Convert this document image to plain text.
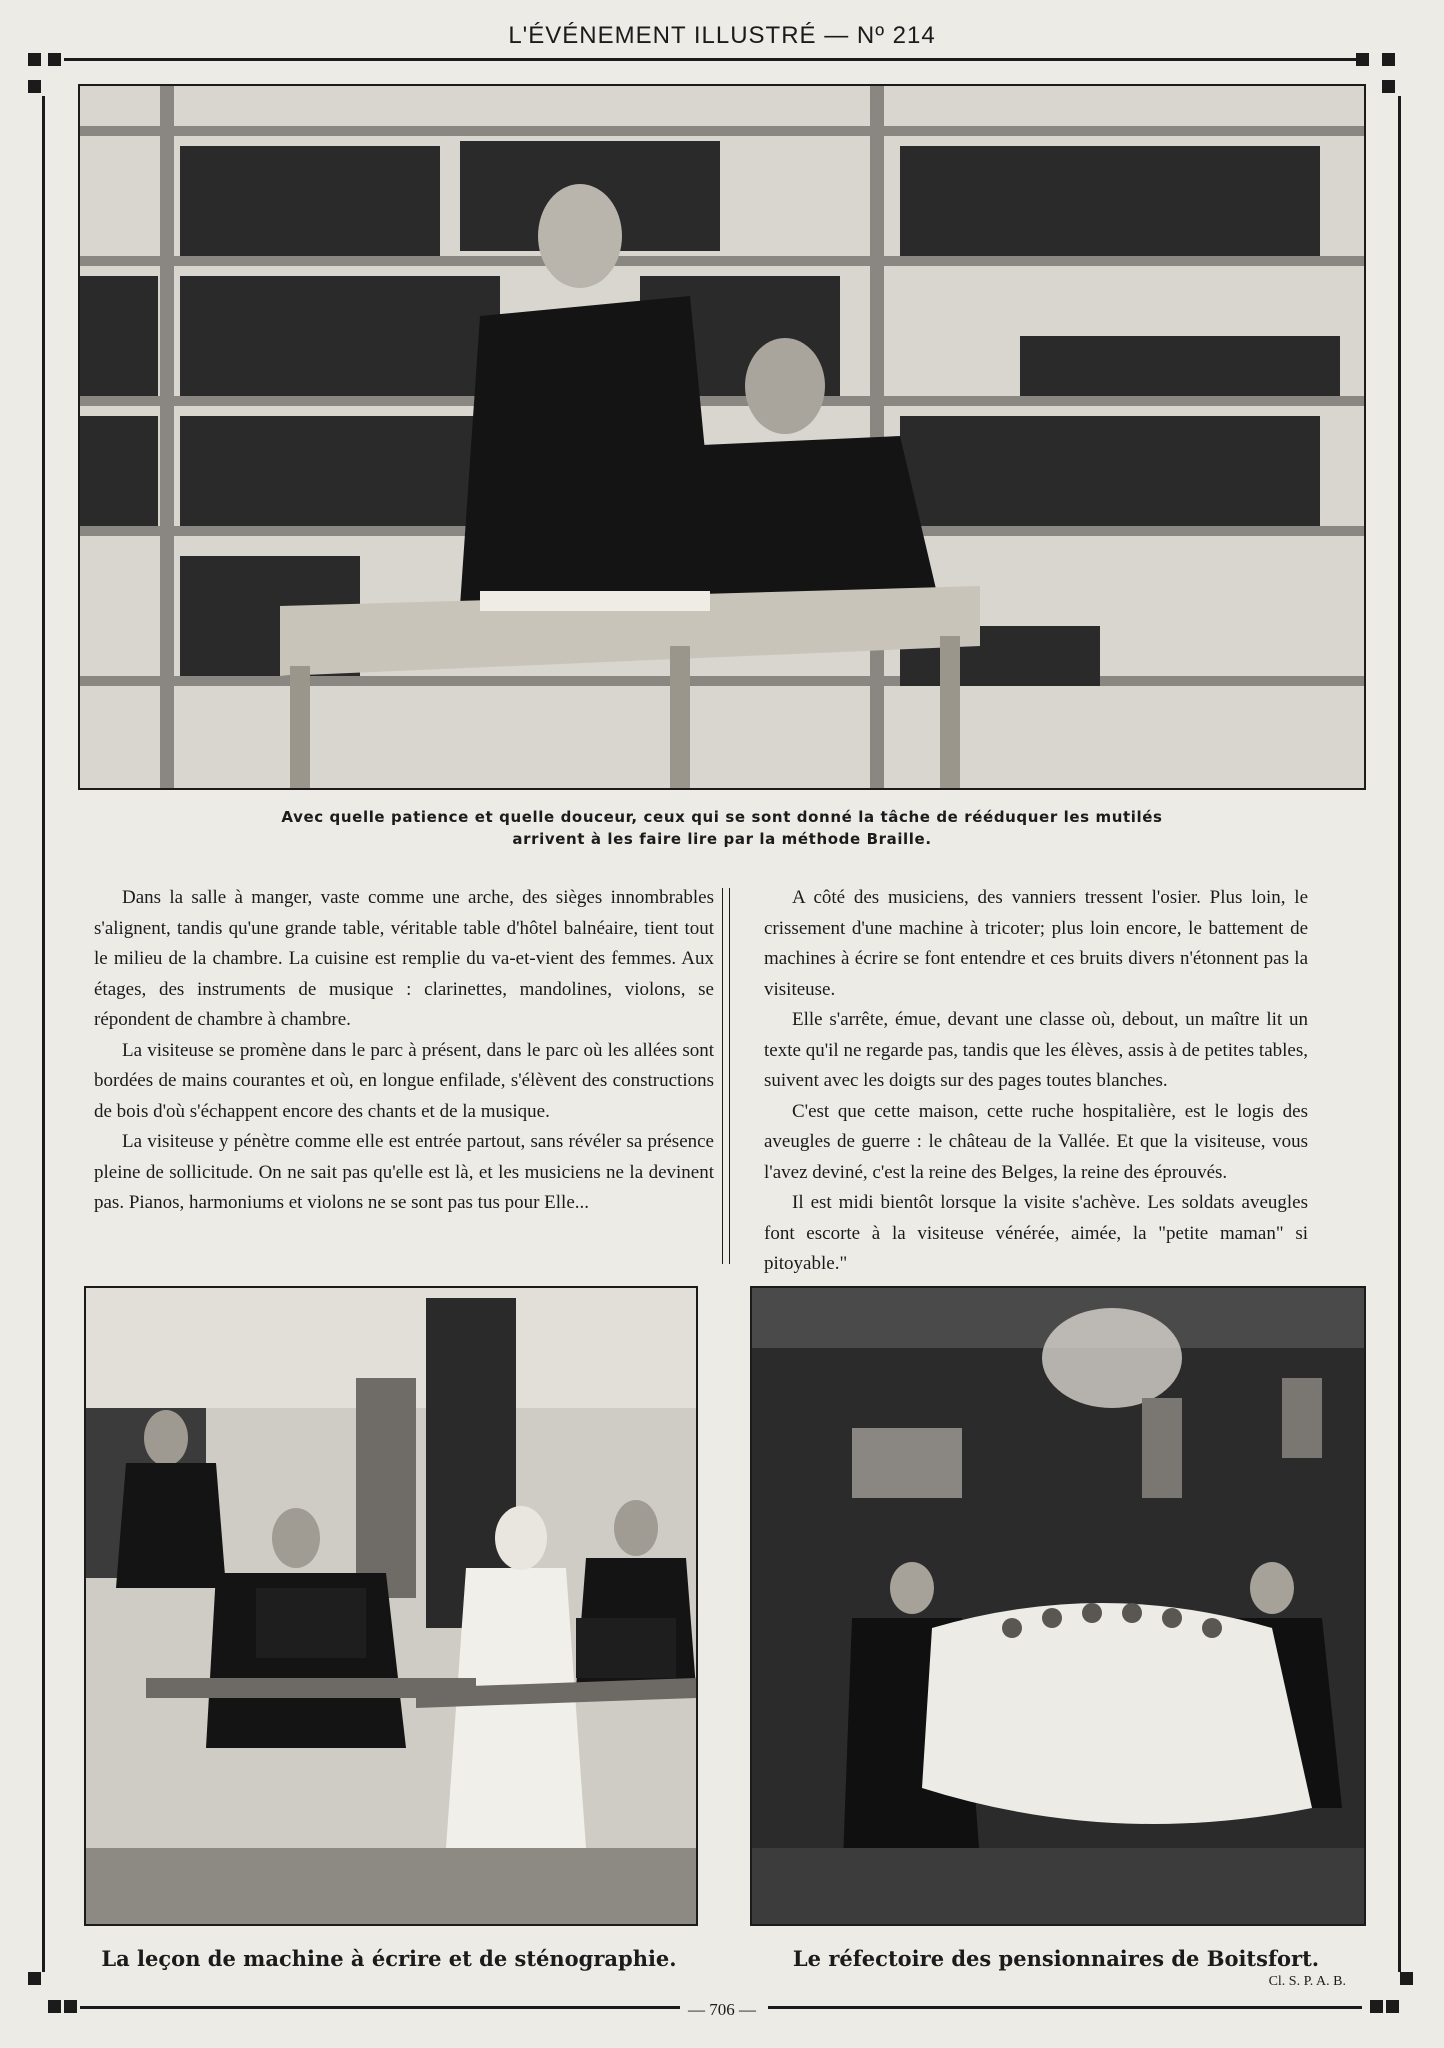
L'ÉVÉNEMENT ILLUSTRÉ — Nº 214
Avec quelle patience et quelle douceur, ceux qui se sont donné la tâche de rééduquer les mutilés
arrivent à les faire lire par la méthode Braille.

Dans la salle à manger, vaste comme une arche, des sièges innombrables s'alignent, tandis qu'une grande table, véritable table d'hôtel balnéaire, tient tout le milieu de la chambre. La cuisine est remplie du va-et-vient des femmes. Aux étages, des instruments de musique : clarinettes, mandolines, violons, se répondent de chambre à chambre.

La visiteuse se promène dans le parc à présent, dans le parc où les allées sont bordées de mains courantes et où, en longue enfilade, s'élèvent des constructions de bois d'où s'échappent encore des chants et de la musique.

La visiteuse y pénètre comme elle est entrée partout, sans révéler sa présence pleine de sollicitude. On ne sait pas qu'elle est là, et les musiciens ne la devinent pas. Pianos, harmoniums et violons ne se sont pas tus pour Elle...

A côté des musiciens, des vanniers tressent l'osier. Plus loin, le crissement d'une machine à tricoter; plus loin encore, le battement de machines à écrire se font entendre et ces bruits divers n'étonnent pas la visiteuse.

Elle s'arrête, émue, devant une classe où, debout, un maître lit un texte qu'il ne regarde pas, tandis que les élèves, assis à de petites tables, suivent avec les doigts sur des pages toutes blanches.

C'est que cette maison, cette ruche hospitalière, est le logis des aveugles de guerre : le château de la Vallée. Et que la visiteuse, vous l'avez deviné, c'est la reine des Belges, la reine des éprouvés.

Il est midi bientôt lorsque la visite s'achève. Les soldats aveugles font escorte à la visiteuse vénérée, aimée, la "petite maman" si pitoyable."

La leçon de machine à écrire et de sténographie.	Le réfectoire des pensionnaires de Boitsfort.
Cl. S. P. A. B.
— 706 —
